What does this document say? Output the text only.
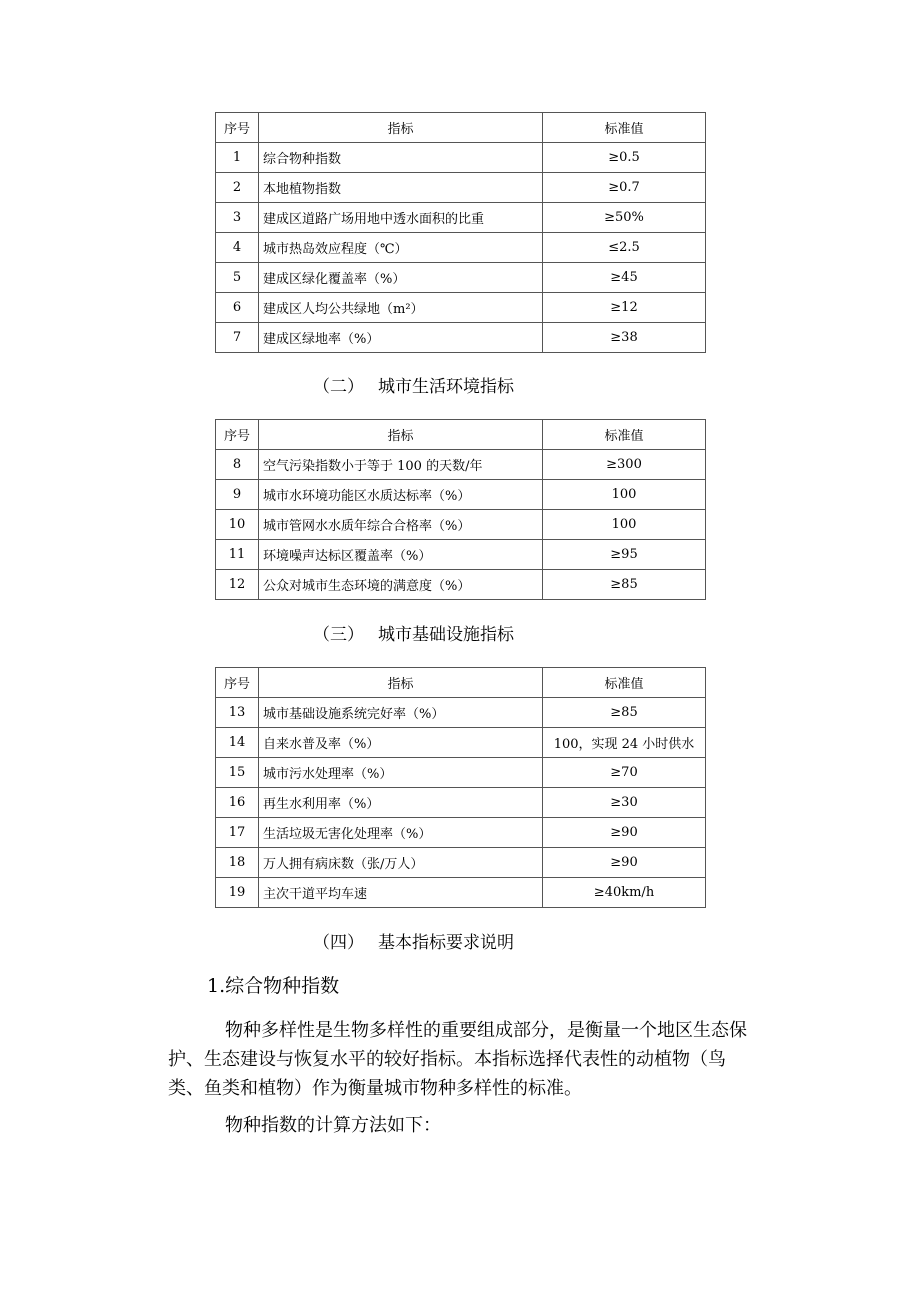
序号	指标	标准值
1	综合物种指数	≥0.5
2	本地植物指数	≥0.7
3	建成区道路广场用地中透水面积的比重	≥50%
4	城市热岛效应程度（℃）	≤2.5
5	建成区绿化覆盖率（%）	≥45
6	建成区人均公共绿地（m²）	≥12
7	建成区绿地率（%）	≥38
（二） 城市生活环境指标
序号	指标	标准值
8	空气污染指数小于等于 100 的天数/年	≥300
9	城市水环境功能区水质达标率（%）	100
10	城市管网水水质年综合合格率（%）	100
11	环境噪声达标区覆盖率（%）	≥95
12	公众对城市生态环境的满意度（%）	≥85
（三） 城市基础设施指标
序号	指标	标准值
13	城市基础设施系统完好率（%）	≥85
14	自来水普及率（%）	100，实现 24 小时供水
15	城市污水处理率（%）	≥70
16	再生水利用率（%）	≥30
17	生活垃圾无害化处理率（%）	≥90
18	万人拥有病床数（张/万人）	≥90
19	主次干道平均车速	≥40km/h
（四） 基本指标要求说明

1.综合物种指数

物种多样性是生物多样性的重要组成部分，是衡量一个地区生态保护、生态建设与恢复水平的较好指标。本指标选择代表性的动植物（鸟类、鱼类和植物）作为衡量城市物种多样性的标准。

物种指数的计算方法如下：
